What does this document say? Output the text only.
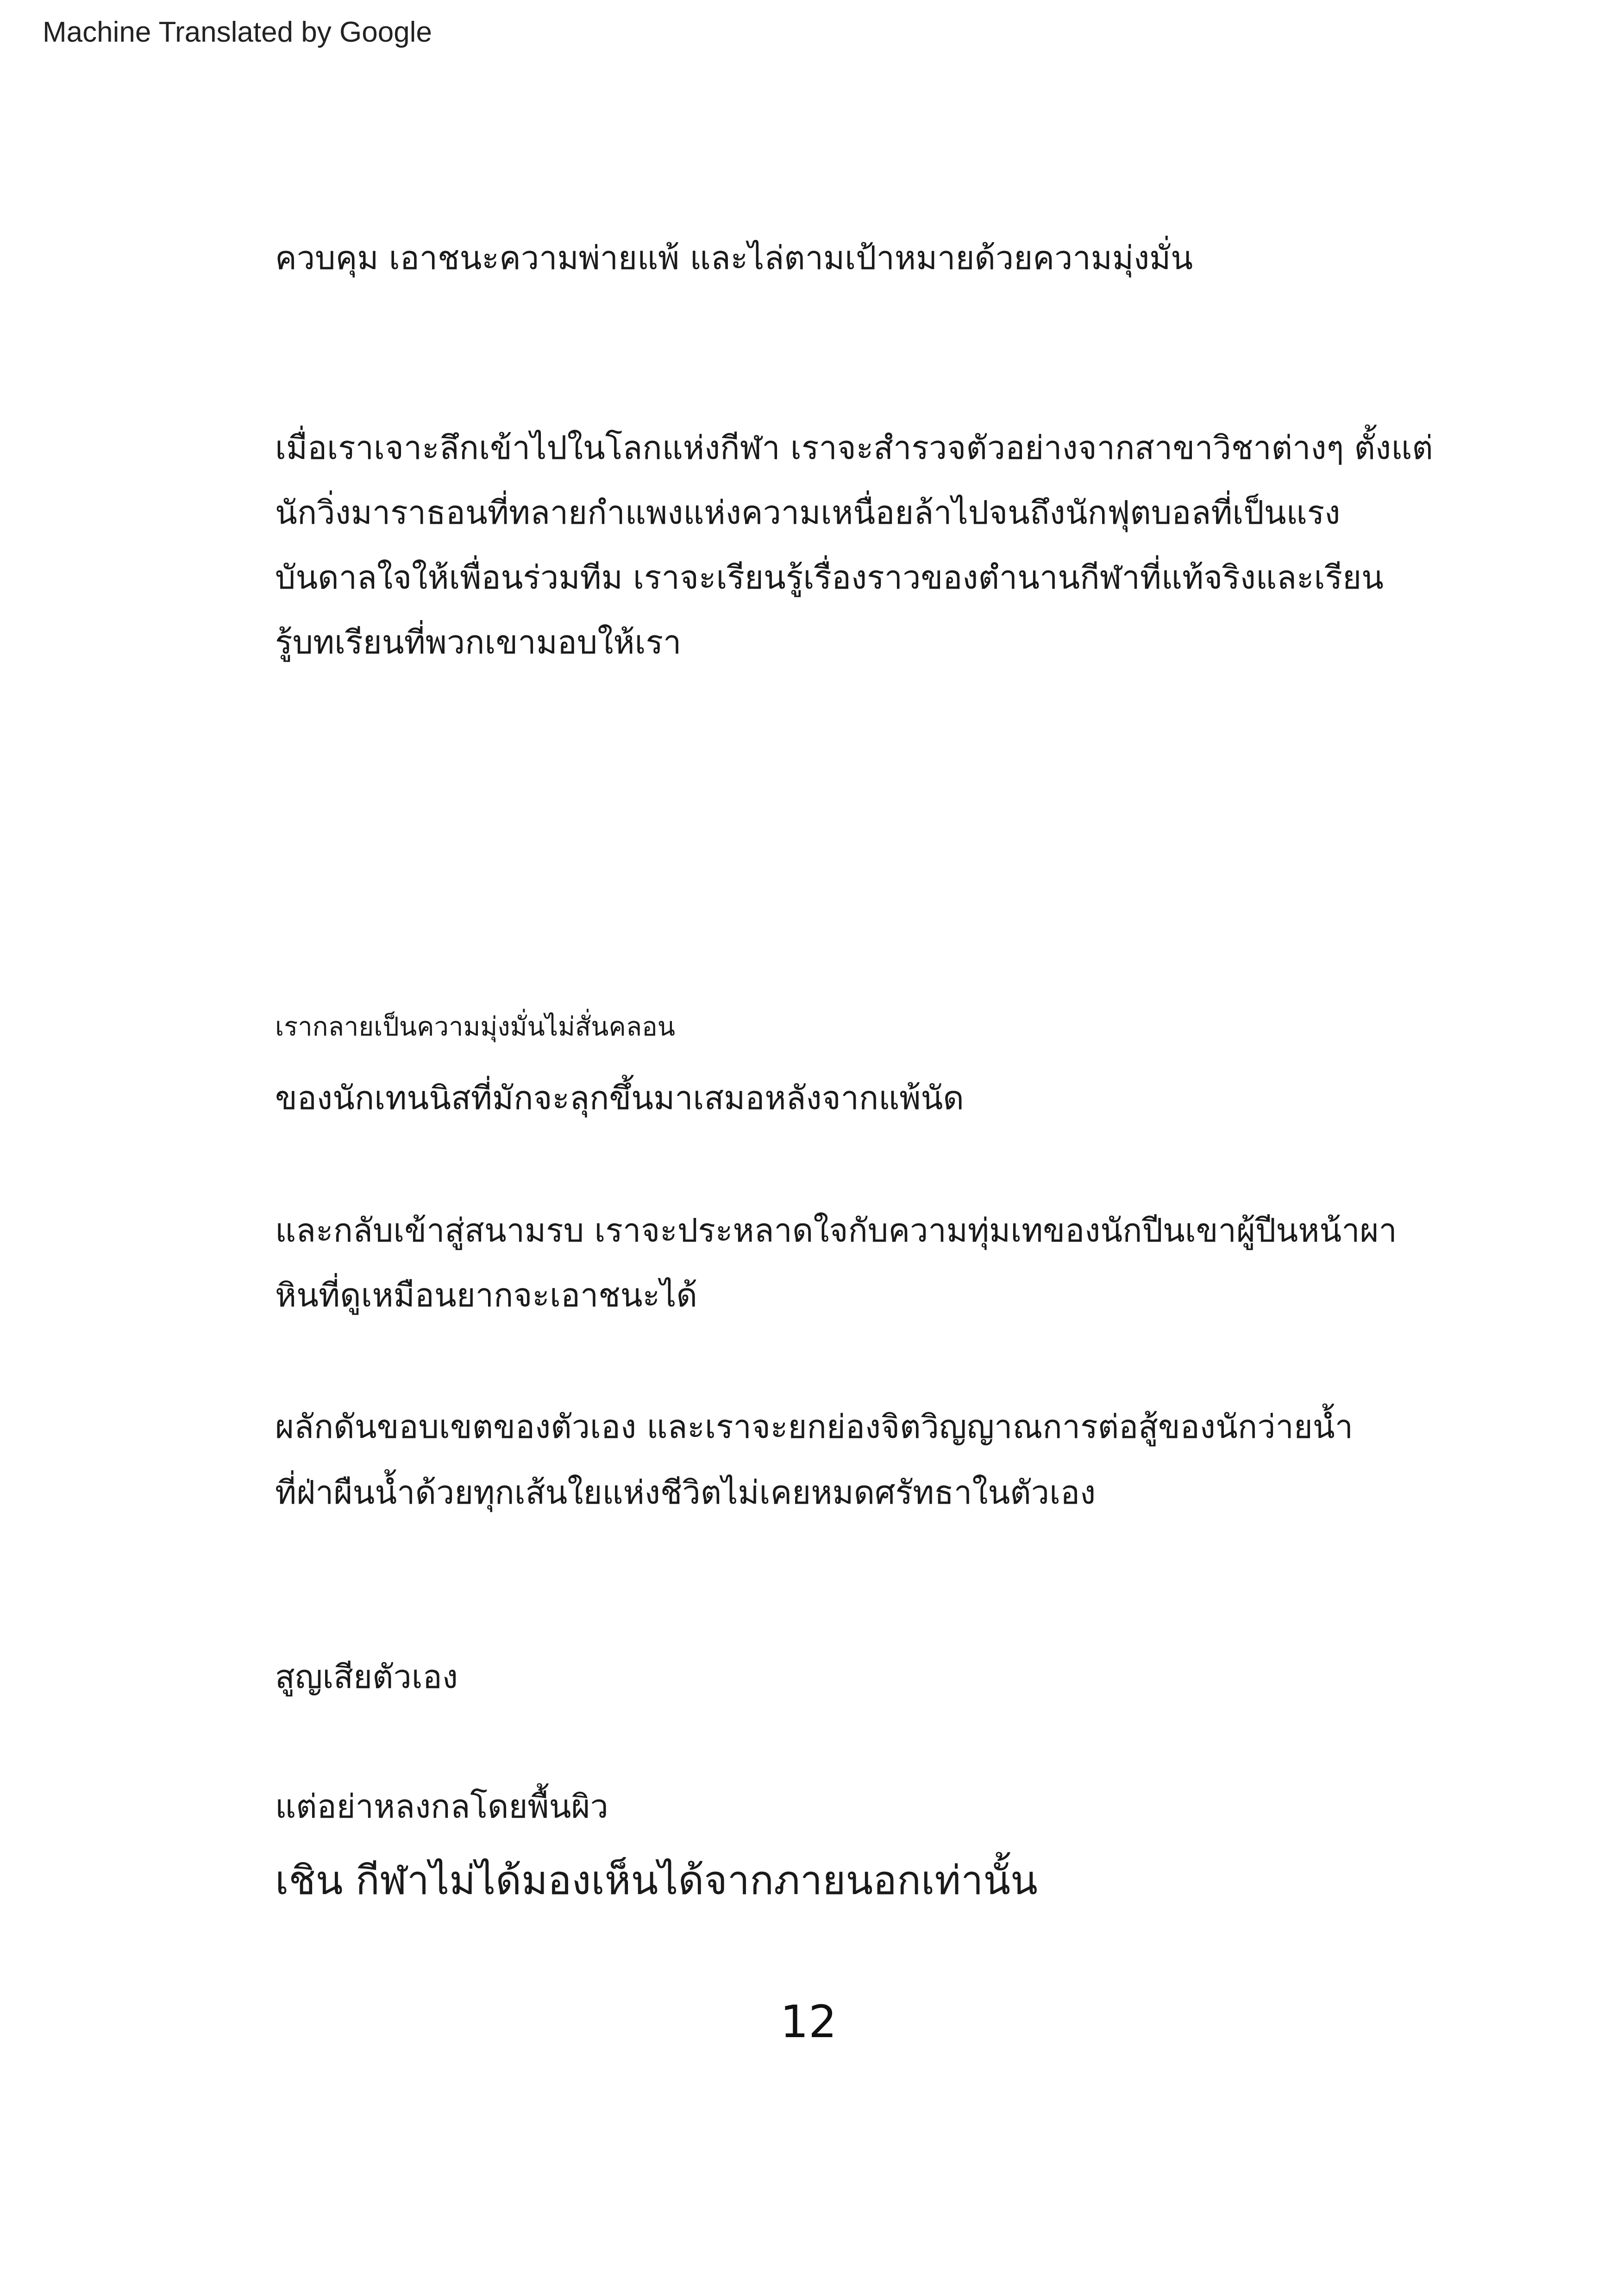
Machine Translated by Google
ควบคุม เอาชนะความพ่ายแพ้ และไล่ตามเป้าหมายด้วยความมุ่งมั่น
เมื่อเราเจาะลึกเข้าไปในโลกแห่งกีฬา เราจะสำรวจตัวอย่างจากสาขาวิชาต่างๆ ตั้งแต่
นักวิ่งมาราธอนที่ทลายกำแพงแห่งความเหนื่อยล้าไปจนถึงนักฟุตบอลที่เป็นแรง
บันดาลใจให้เพื่อนร่วมทีม เราจะเรียนรู้เรื่องราวของตำนานกีฬาที่แท้จริงและเรียน
รู้บทเรียนที่พวกเขามอบให้เรา
เรากลายเป็นความมุ่งมั่นไม่สั่นคลอน
ของนักเทนนิสที่มักจะลุกขึ้นมาเสมอหลังจากแพ้นัด
และกลับเข้าสู่สนามรบ เราจะประหลาดใจกับความทุ่มเทของนักปีนเขาผู้ปีนหน้าผา
หินที่ดูเหมือนยากจะเอาชนะได้
ผลักดันขอบเขตของตัวเอง และเราจะยกย่องจิตวิญญาณการต่อสู้ของนักว่ายน้ำ
ที่ฝ่าผืนน้ำด้วยทุกเส้นใยแห่งชีวิตไม่เคยหมดศรัทธาในตัวเอง
สูญเสียตัวเอง
แต่อย่าหลงกลโดยพื้นผิว
เชิน กีฬาไม่ได้มองเห็นได้จากภายนอกเท่านั้น
12
